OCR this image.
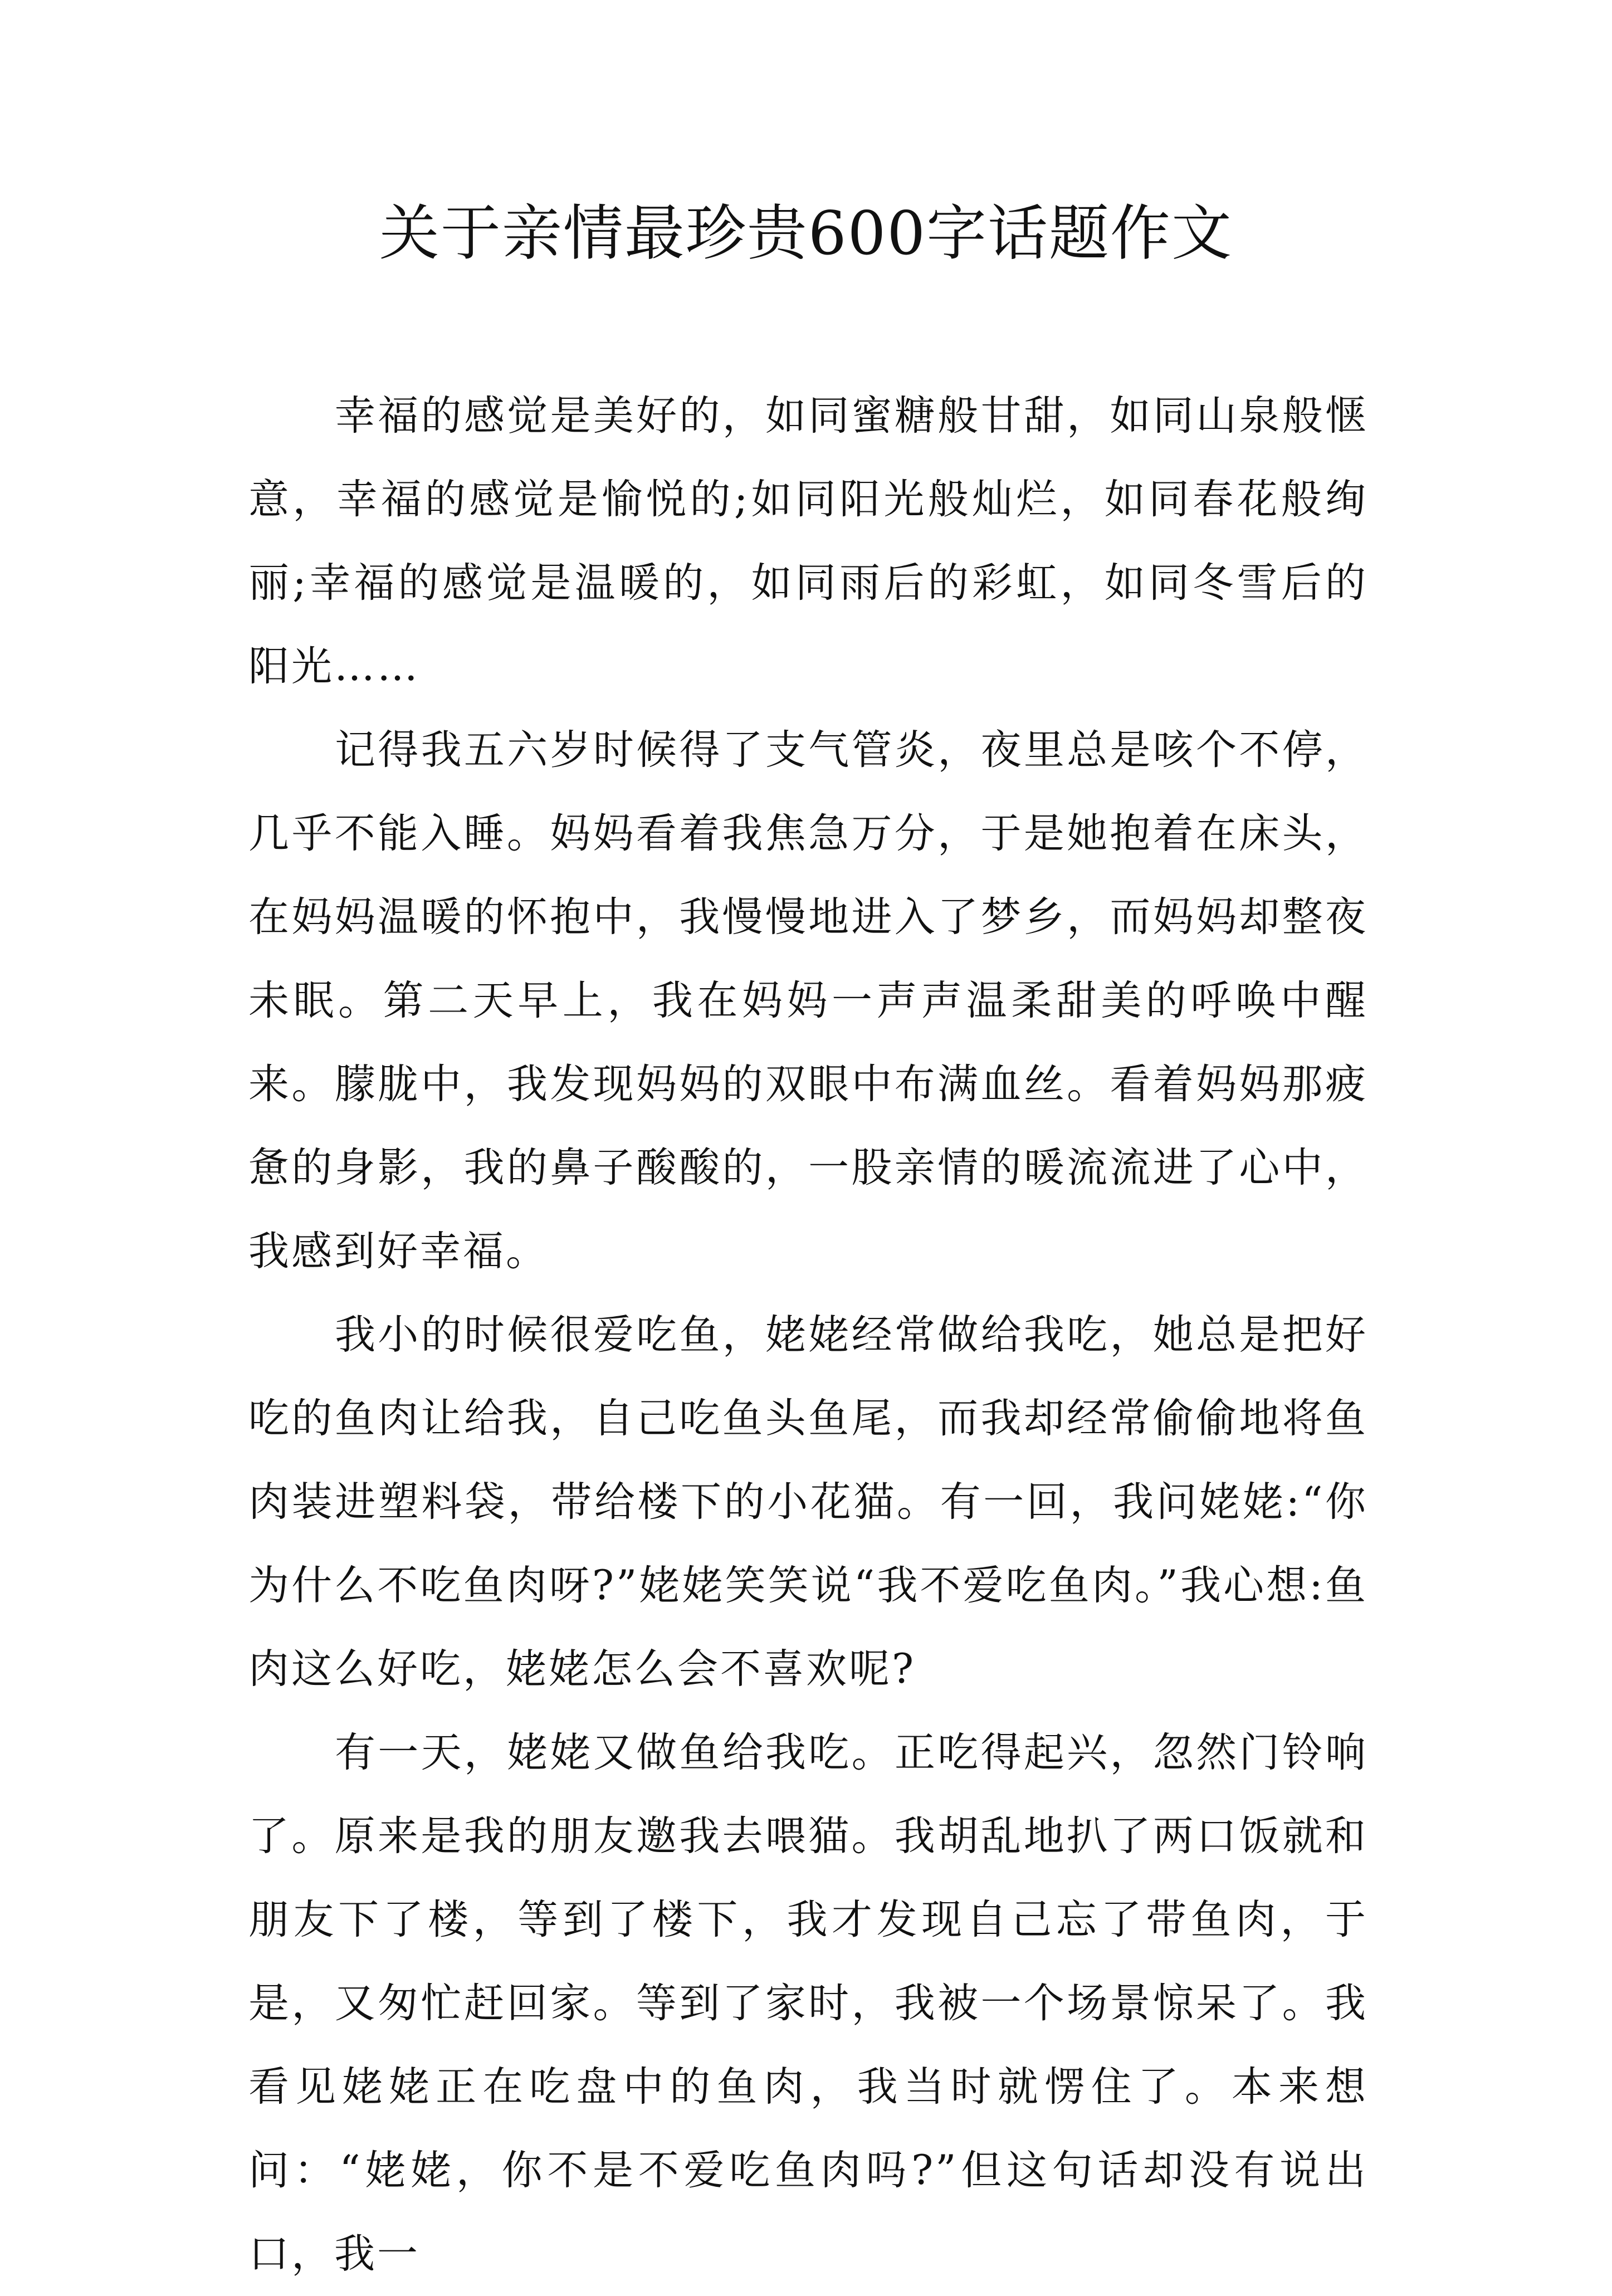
关于亲情最珍贵600字话题作文

幸福的感觉是美好的，如同蜜糖般甘甜，如同山泉般惬意，幸福的感觉是愉悦的;如同阳光般灿烂，如同春花般绚丽;幸福的感觉是温暖的，如同雨后的彩虹，如同冬雪后的阳光……

记得我五六岁时候得了支气管炎，夜里总是咳个不停，几乎不能入睡。妈妈看着我焦急万分，于是她抱着在床头，在妈妈温暖的怀抱中，我慢慢地进入了梦乡，而妈妈却整夜未眠。第二天早上，我在妈妈一声声温柔甜美的呼唤中醒来。朦胧中，我发现妈妈的双眼中布满血丝。看着妈妈那疲惫的身影，我的鼻子酸酸的，一股亲情的暖流流进了心中，我感到好幸福。

我小的时候很爱吃鱼，姥姥经常做给我吃，她总是把好吃的鱼肉让给我，自己吃鱼头鱼尾，而我却经常偷偷地将鱼肉装进塑料袋，带给楼下的小花猫。有一回，我问姥姥:“你为什么不吃鱼肉呀?”姥姥笑笑说“我不爱吃鱼肉。”我心想:鱼肉这么好吃，姥姥怎么会不喜欢呢?

有一天，姥姥又做鱼给我吃。正吃得起兴，忽然门铃响了。原来是我的朋友邀我去喂猫。我胡乱地扒了两口饭就和朋友下了楼，等到了楼下，我才发现自己忘了带鱼肉，于是，又匆忙赶回家。等到了家时，我被一个场景惊呆了。我看见姥姥正在吃盘中的鱼肉，我当时就愣住了。本来想问：“姥姥，你不是不爱吃鱼肉吗?”但这句话却没有说出口，我一
